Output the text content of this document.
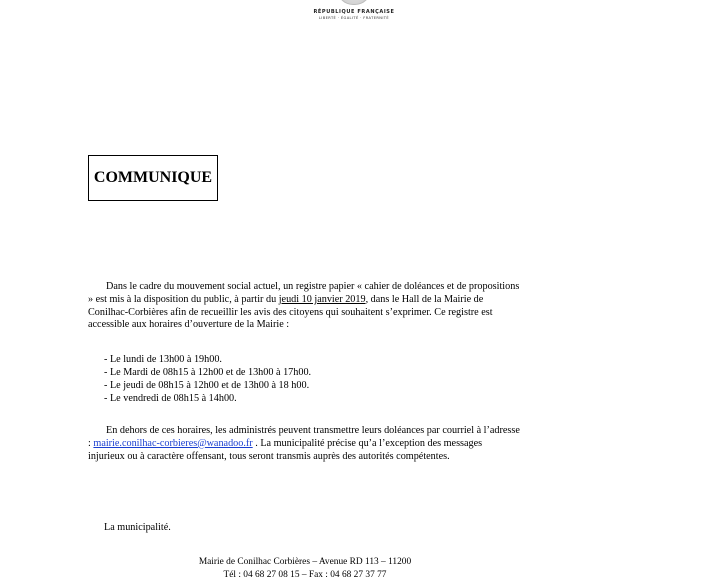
RÉPUBLIQUE FRANÇAISE
LIBERTÉ · ÉGALITÉ · FRATERNITÉ
COMMUNIQUE
Dans le cadre du mouvement social actuel, un registre papier « cahier de doléances et de propositions » est mis à la disposition du public, à partir du jeudi 10 janvier 2019, dans le Hall de la Mairie de Conilhac-Corbières afin de recueillir les avis des citoyens qui souhaitent s’exprimer. Ce registre est accessible aux horaires d’ouverture de la Mairie :
- Le lundi de 13h00 à 19h00.
- Le Mardi de 08h15 à 12h00 et de 13h00 à 17h00.
- Le jeudi de 08h15 à 12h00 et de 13h00 à 18 h00.
- Le vendredi de 08h15 à 14h00.
En dehors de ces horaires, les administrés peuvent transmettre leurs doléances par courriel à l’adresse : mairie.conilhac-corbieres@wanadoo.fr . La municipalité précise qu’a l’exception des messages injurieux ou à caractère offensant, tous seront transmis auprès des autorités compétentes.
La municipalité.
Mairie de Conilhac Corbières – Avenue RD 113 – 11200
Tél : 04 68 27 08 15 – Fax : 04 68 27 37 77
